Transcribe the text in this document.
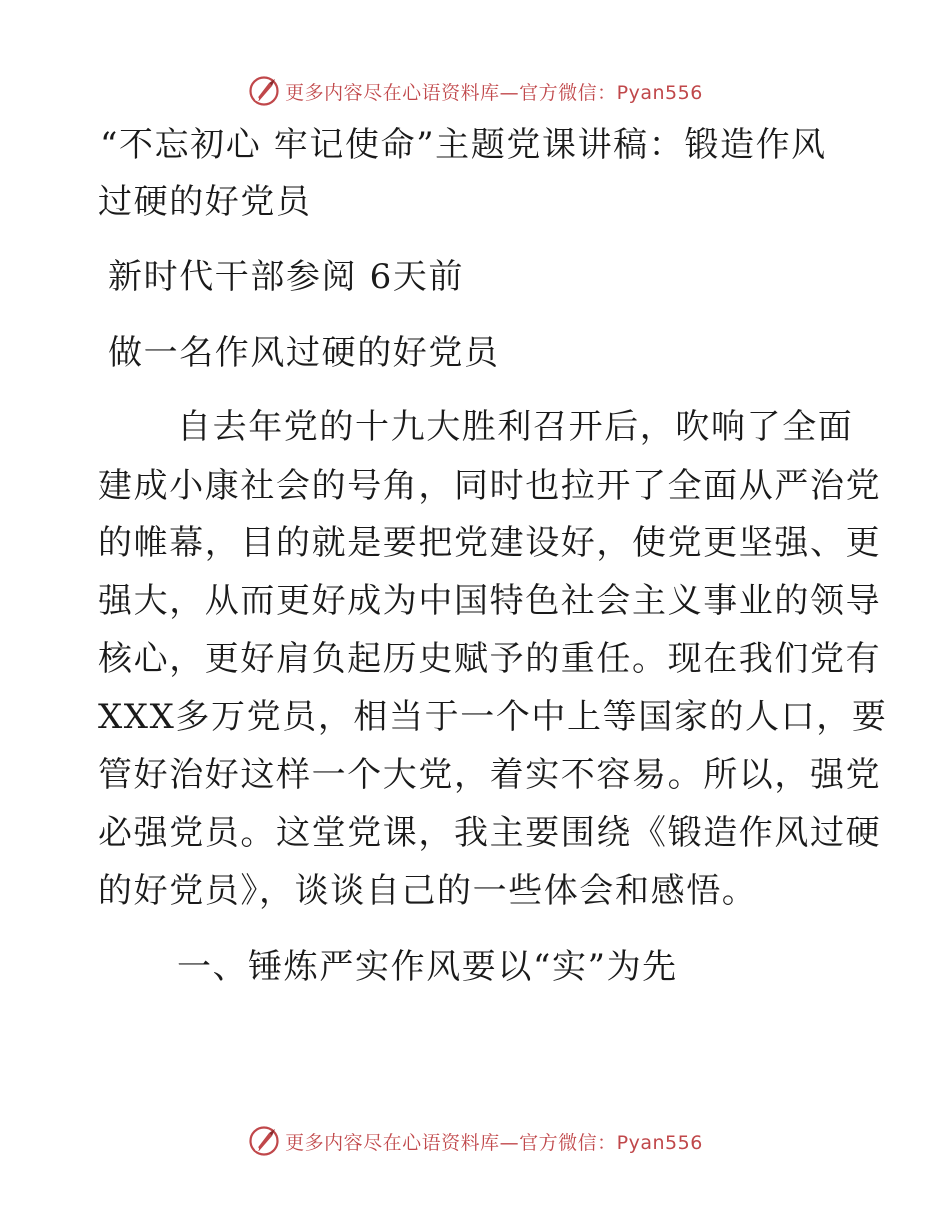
更多内容尽在心语资料库—官方微信：Pyan556
“不忘初心 牢记使命”主题党课讲稿：锻造作风
过硬的好党员
新时代干部参阅 6天前
做一名作风过硬的好党员
自去年党的十九大胜利召开后，吹响了全面
建成小康社会的号角，同时也拉开了全面从严治党
的帷幕，目的就是要把党建设好，使党更坚强、更
强大，从而更好成为中国特色社会主义事业的领导
核心，更好肩负起历史赋予的重任。现在我们党有
XXX多万党员，相当于一个中上等国家的人口，要
管好治好这样一个大党，着实不容易。所以，强党
必强党员。这堂党课，我主要围绕《锻造作风过硬
的好党员》，谈谈自己的一些体会和感悟。
一、锤炼严实作风要以“实”为先
更多内容尽在心语资料库—官方微信：Pyan556
